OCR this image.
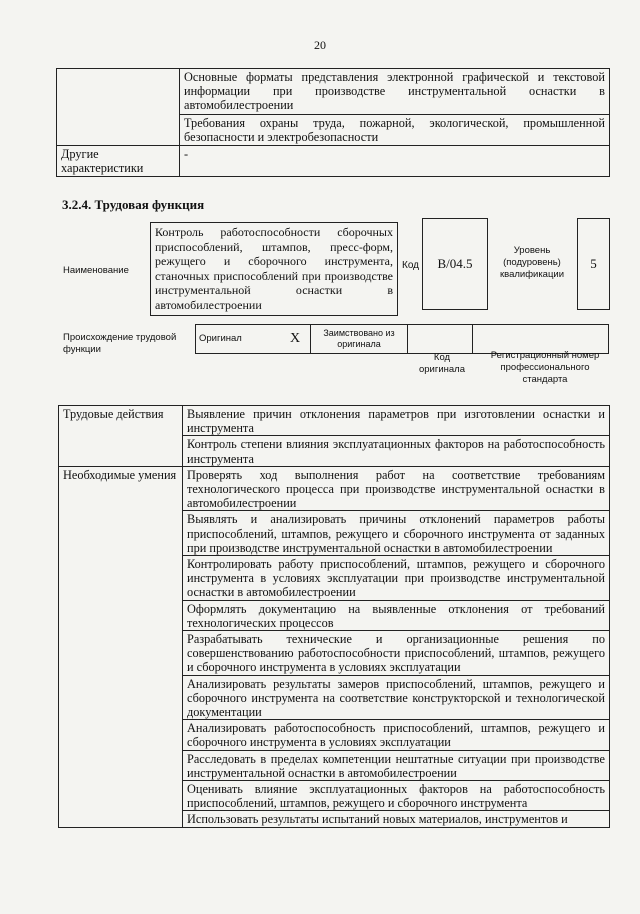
20
	Основные форматы представления электронной графической и текстовой информации при производстве инструментальной оснастки в автомобилестроении
	Требования охраны труда, пожарной, экологической, промышленной безопасности и электробезопасности
Другие характеристики	-
3.2.4. Трудовая функция
Наименование
Контроль работоспособности сборочных приспособлений, штампов, пресс-форм, режущего и сборочного инструмента, станочных приспособлений при производстве инструментальной оснастки в автомобилестроении
Код	B/04.5
Уровень (подуровень) квалификации
5
Происхождение трудовой функции
Оригинал	X	Заимствовано из оригинала		
Код оригинала
Регистрационный номер профессионального стандарта
Трудовые действия	Выявление причин отклонения параметров при изготовлении оснастки и инструмента
	Контроль степени влияния эксплуатационных факторов на работоспособность инструмента
Необходимые умения	Проверять ход выполнения работ на соответствие требованиям технологического процесса при производстве инструментальной оснастки в автомобилестроении
	Выявлять и анализировать причины отклонений параметров работы приспособлений, штампов, режущего и сборочного инструмента от заданных при производстве инструментальной оснастки в автомобилестроении
	Контролировать работу приспособлений, штампов, режущего и сборочного инструмента в условиях эксплуатации при производстве инструментальной оснастки в автомобилестроении
	Оформлять документацию на выявленные отклонения от требований технологических процессов
	Разрабатывать технические и организационные решения по совершенствованию работоспособности приспособлений, штампов, режущего и сборочного инструмента в условиях эксплуатации
	Анализировать результаты замеров приспособлений, штампов, режущего и сборочного инструмента на соответствие конструкторской и технологической документации
	Анализировать работоспособность приспособлений, штампов, режущего и сборочного инструмента в условиях эксплуатации
	Расследовать в пределах компетенции нештатные ситуации при производстве инструментальной оснастки в автомобилестроении
	Оценивать влияние эксплуатационных факторов на работоспособность приспособлений, штампов, режущего и сборочного инструмента
	Использовать результаты испытаний новых материалов, инструментов и
